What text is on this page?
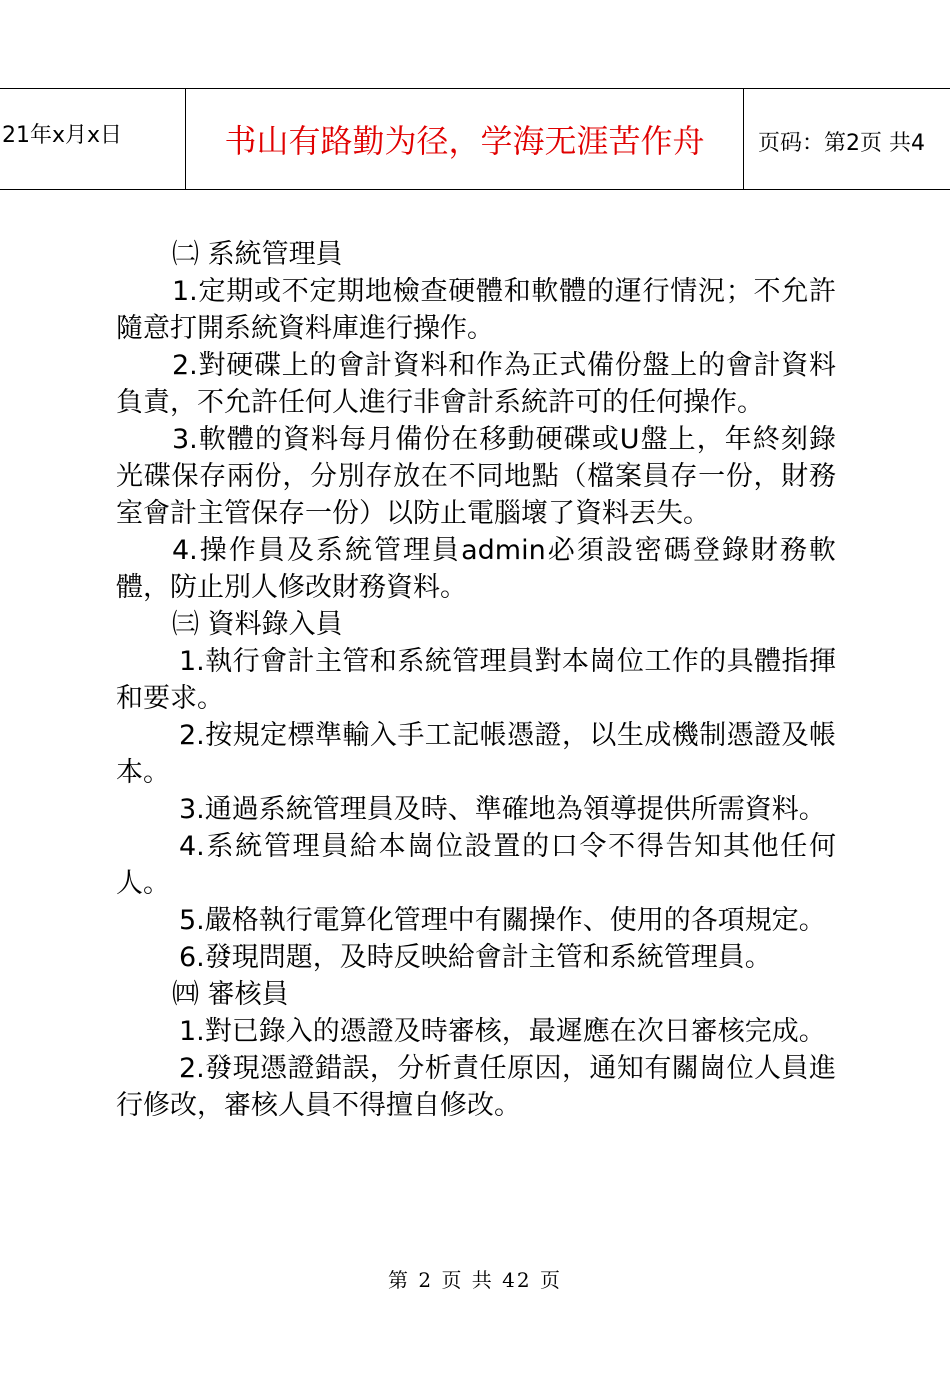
21年x月x日	书山有路勤为径，学海无涯苦作舟	页码：第2页 共4
㈡ 系統管理員

1.定期或不定期地檢查硬體和軟體的運行情況；不允許隨意打開系統資料庫進行操作。

2.對硬碟上的會計資料和作為正式備份盤上的會計資料負責，不允許任何人進行非會計系統許可的任何操作。

3.軟體的資料每月備份在移動硬碟或U盤上，年終刻錄光碟保存兩份，分別存放在不同地點（檔案員存一份，財務室會計主管保存一份）以防止電腦壞了資料丟失。

4.操作員及系統管理員admin必須設密碼登錄財務軟體，防止別人修改財務資料。

㈢ 資料錄入員

1.執行會計主管和系統管理員對本崗位工作的具體指揮和要求。

2.按規定標準輸入手工記帳憑證，以生成機制憑證及帳本。

3.通過系統管理員及時、準確地為領導提供所需資料。

4.系統管理員給本崗位設置的口令不得告知其他任何人。

5.嚴格執行電算化管理中有關操作、使用的各項規定。

6.發現問題，及時反映給會計主管和系統管理員。

㈣ 審核員

1.對已錄入的憑證及時審核，最遲應在次日審核完成。

2.發現憑證錯誤，分析責任原因，通知有關崗位人員進行修改，審核人員不得擅自修改。

第 2 页 共 42 页
